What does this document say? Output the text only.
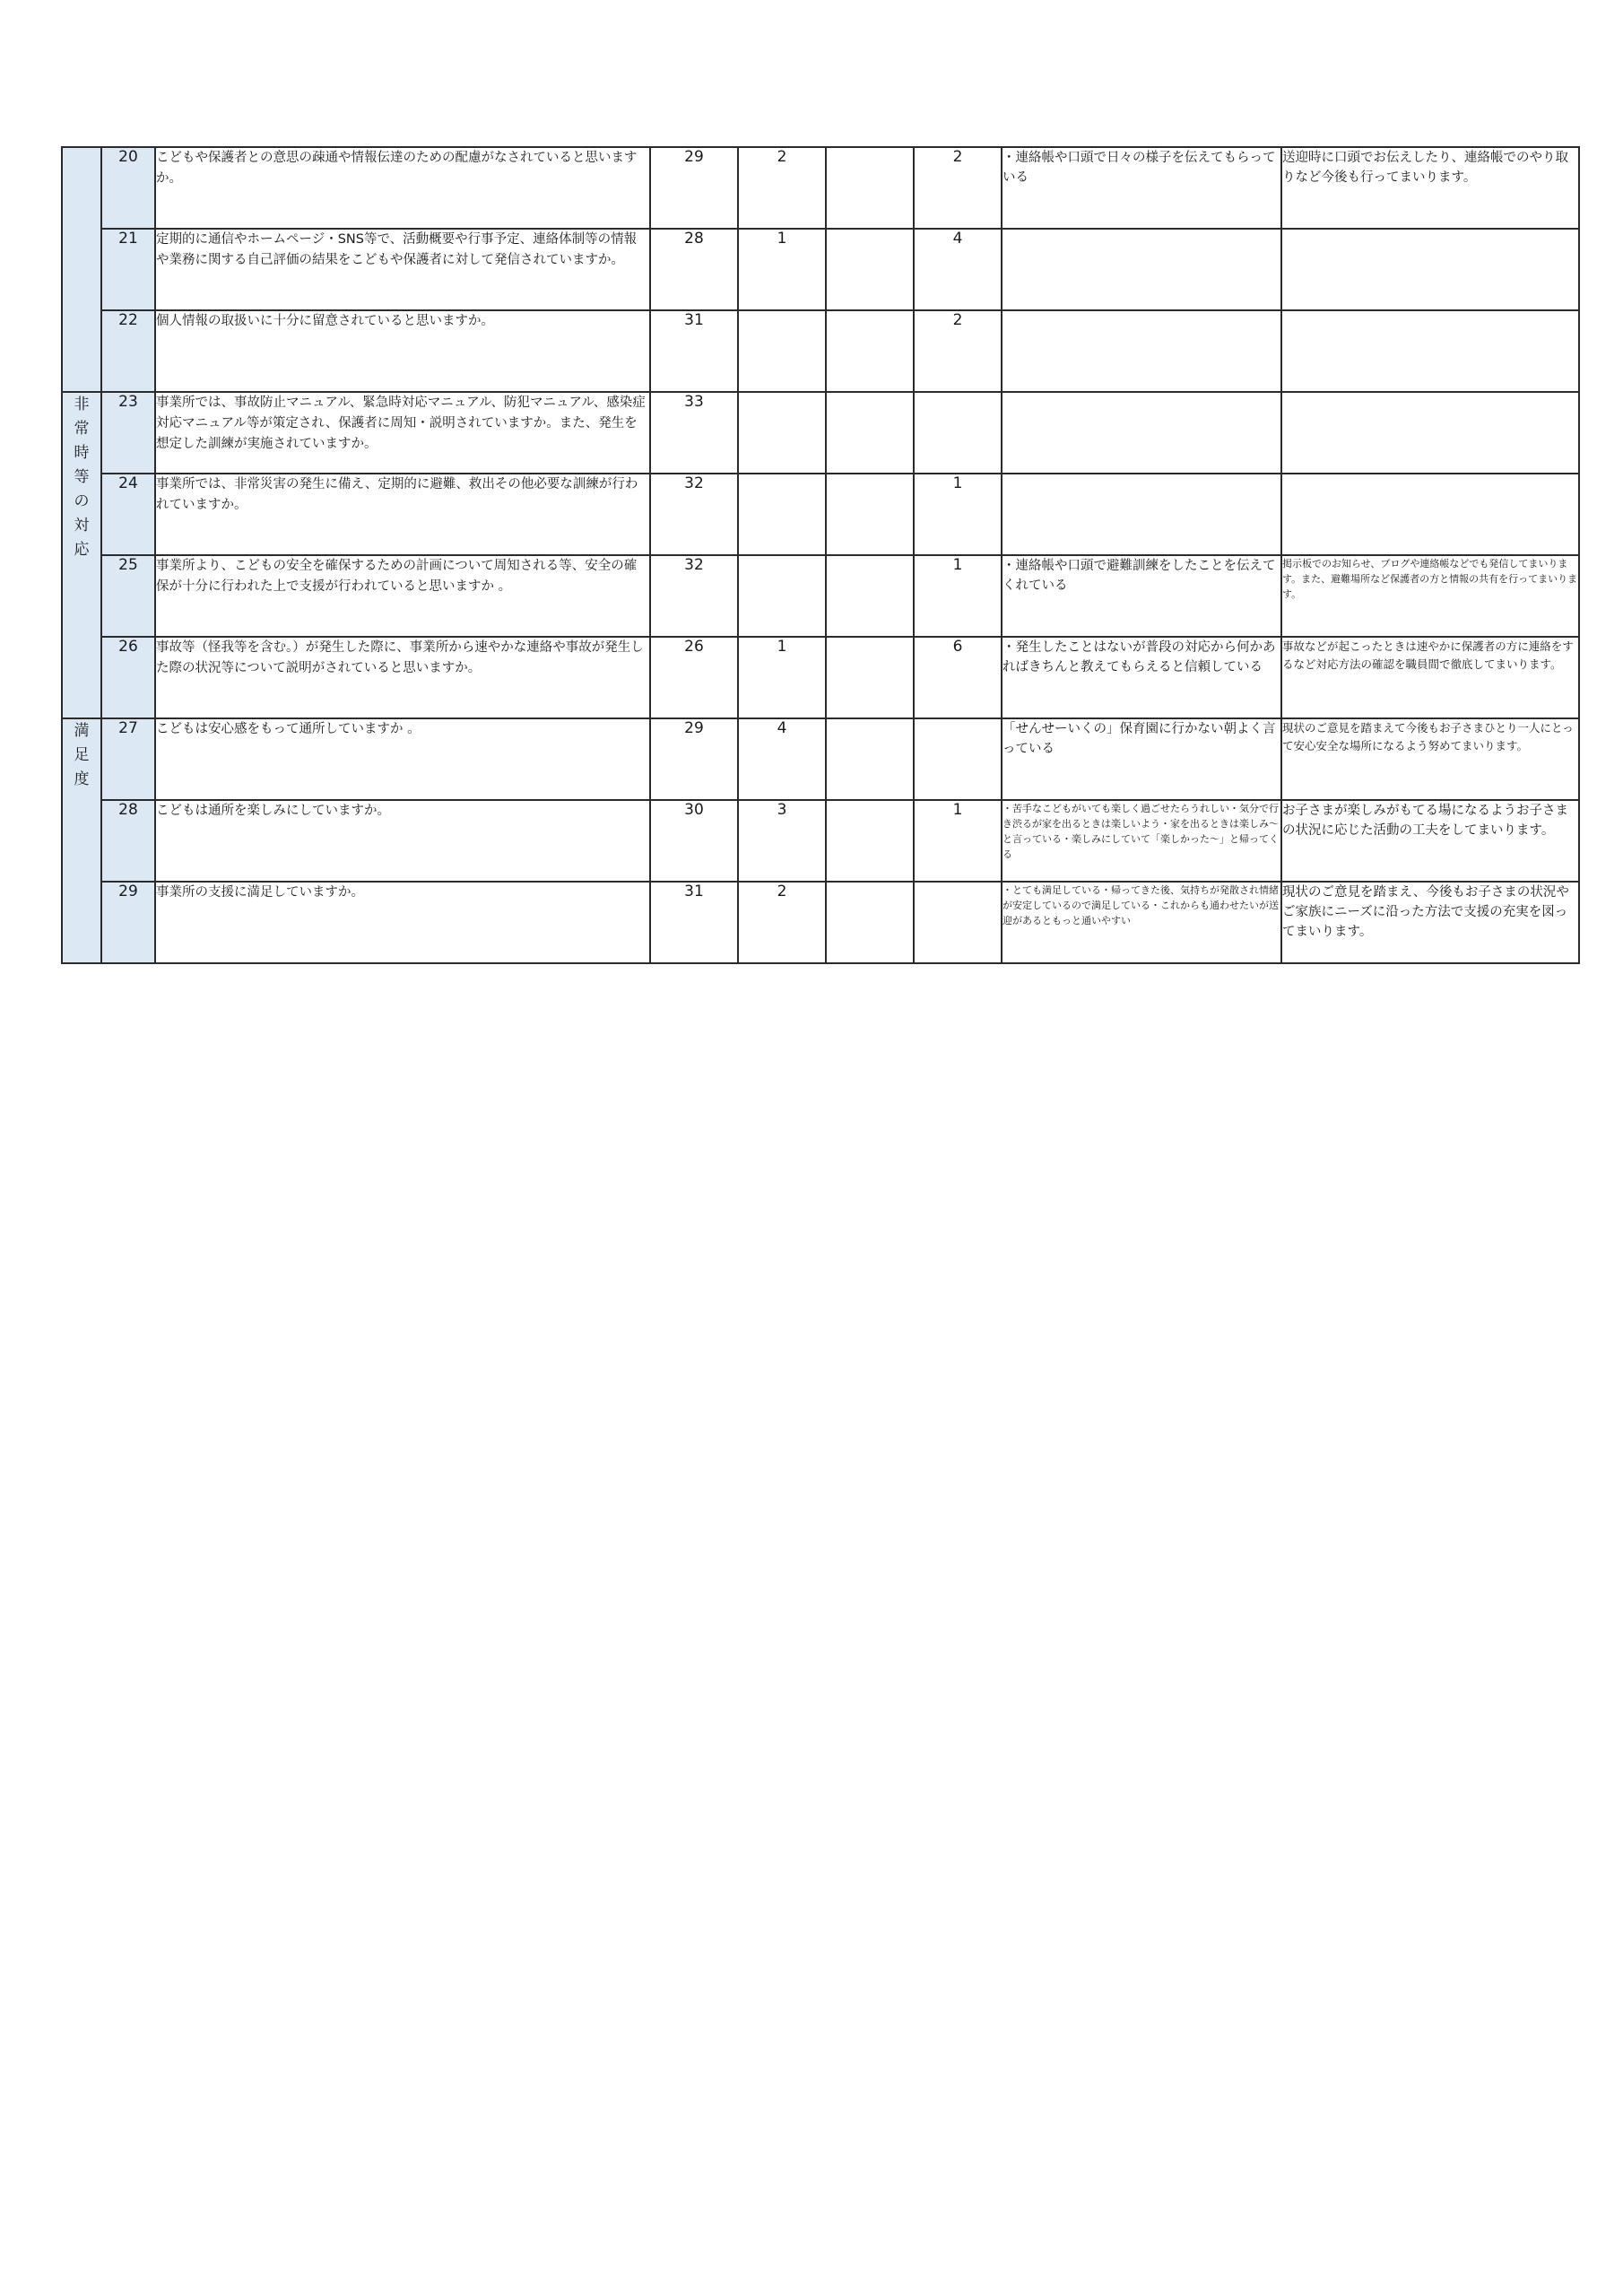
	20	こどもや保護者との意思の疎通や情報伝達のための配慮がなされていると思いますか。	29	2		2	・連絡帳や口頭で日々の様子を伝えてもらっている	送迎時に口頭でお伝えしたり、連絡帳でのやり取りなど今後も行ってまいります。
	21	定期的に通信やホームページ・SNS等で、活動概要や行事予定、連絡体制等の情報や業務に関する自己評価の結果をこどもや保護者に対して発信されていますか。	28	1		4		
	22	個人情報の取扱いに十分に留意されていると思いますか。	31			2		
非常時等の対応	23	事業所では、事故防止マニュアル、緊急時対応マニュアル、防犯マニュアル、感染症対応マニュアル等が策定され、保護者に周知・説明されていますか。また、発生を想定した訓練が実施されていますか。	33					
	24	事業所では、非常災害の発生に備え、定期的に避難、救出その他必要な訓練が行われていますか。	32			1		
	25	事業所より、こどもの安全を確保するための計画について周知される等、安全の確保が十分に行われた上で支援が行われていると思いますか 。	32			1	・連絡帳や口頭で避難訓練をしたことを伝えてくれている	掲示板でのお知らせ、ブログや連絡帳などでも発信してまいります。また、避難場所など保護者の方と情報の共有を行ってまいります。
	26	事故等（怪我等を含む。）が発生した際に、事業所から速やかな連絡や事故が発生した際の状況等について説明がされていると思いますか。	26	1		6	・発生したことはないが普段の対応から何かあればきちんと教えてもらえると信頼している	事故などが起こったときは速やかに保護者の方に連絡をするなど対応方法の確認を職員間で徹底してまいります。
満足度	27	こどもは安心感をもって通所していますか 。	29	4			「せんせーいくの」保育園に行かない朝よく言っている	現状のご意見を踏まえて今後もお子さまひとり一人にとって安心安全な場所になるよう努めてまいります。
	28	こどもは通所を楽しみにしていますか。	30	3		1	・苦手なこどもがいても楽しく過ごせたらうれしい・気分で行き渋るが家を出るときは楽しいよう・家を出るときは楽しみ～と言っている・楽しみにしていて「楽しかった～」と帰ってくる	お子さまが楽しみがもてる場になるようお子さまの状況に応じた活動の工夫をしてまいります。
	29	事業所の支援に満足していますか。	31	2			・とても満足している・帰ってきた後、気持ちが発散され情緒が安定しているので満足している・これからも通わせたいが送迎があるともっと通いやすい	現状のご意見を踏まえ、今後もお子さまの状況やご家族にニーズに沿った方法で支援の充実を図ってまいります。
